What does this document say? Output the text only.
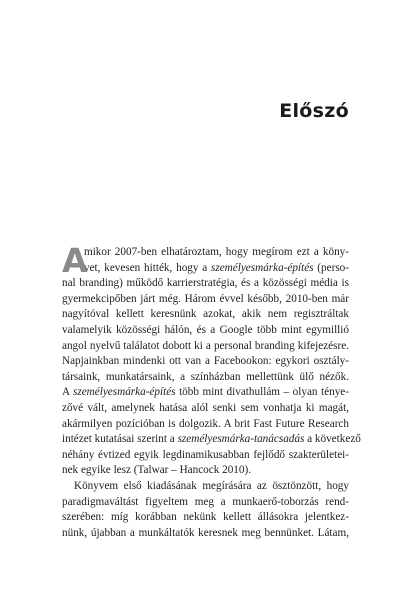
Előszó
A
mikor 2007-ben elhatároztam, hogy megírom ezt a köny-
vet, kevesen hitték, hogy a személyesmárka-építés (perso-
nal branding) működő karrierstratégia, és a közösségi média is
gyermekcipőben járt még. Három évvel később, 2010-ben már
nagyítóval kellett keresnünk azokat, akik nem regisztráltak
valamelyik közösségi hálón, és a Google több mint egymillió
angol nyelvű találatot dobott ki a personal branding kifejezésre.
Napjainkban mindenki ott van a Facebookon: egykori osztály-
társaink, munkatársaink, a színházban mellettünk ülő nézők.
A személyesmárka-építés több mint divathullám – olyan ténye-
zővé vált, amelynek hatása alól senki sem vonhatja ki magát,
akármilyen pozícióban is dolgozik. A brit Fast Future Research
intézet kutatásai szerint a személyesmárka-tanácsadás a következő
néhány évtized egyik legdinamikusabban fejlődő szakterületei-
nek egyike lesz (Talwar – Hancock 2010).
Könyvem első kiadásának megírására az ösztönzött, hogy
paradigmaváltást figyeltem meg a munkaerő-toborzás rend-
szerében: míg korábban nekünk kellett állásokra jelentkez-
nünk, újabban a munkáltatók keresnek meg bennünket. Látam,
